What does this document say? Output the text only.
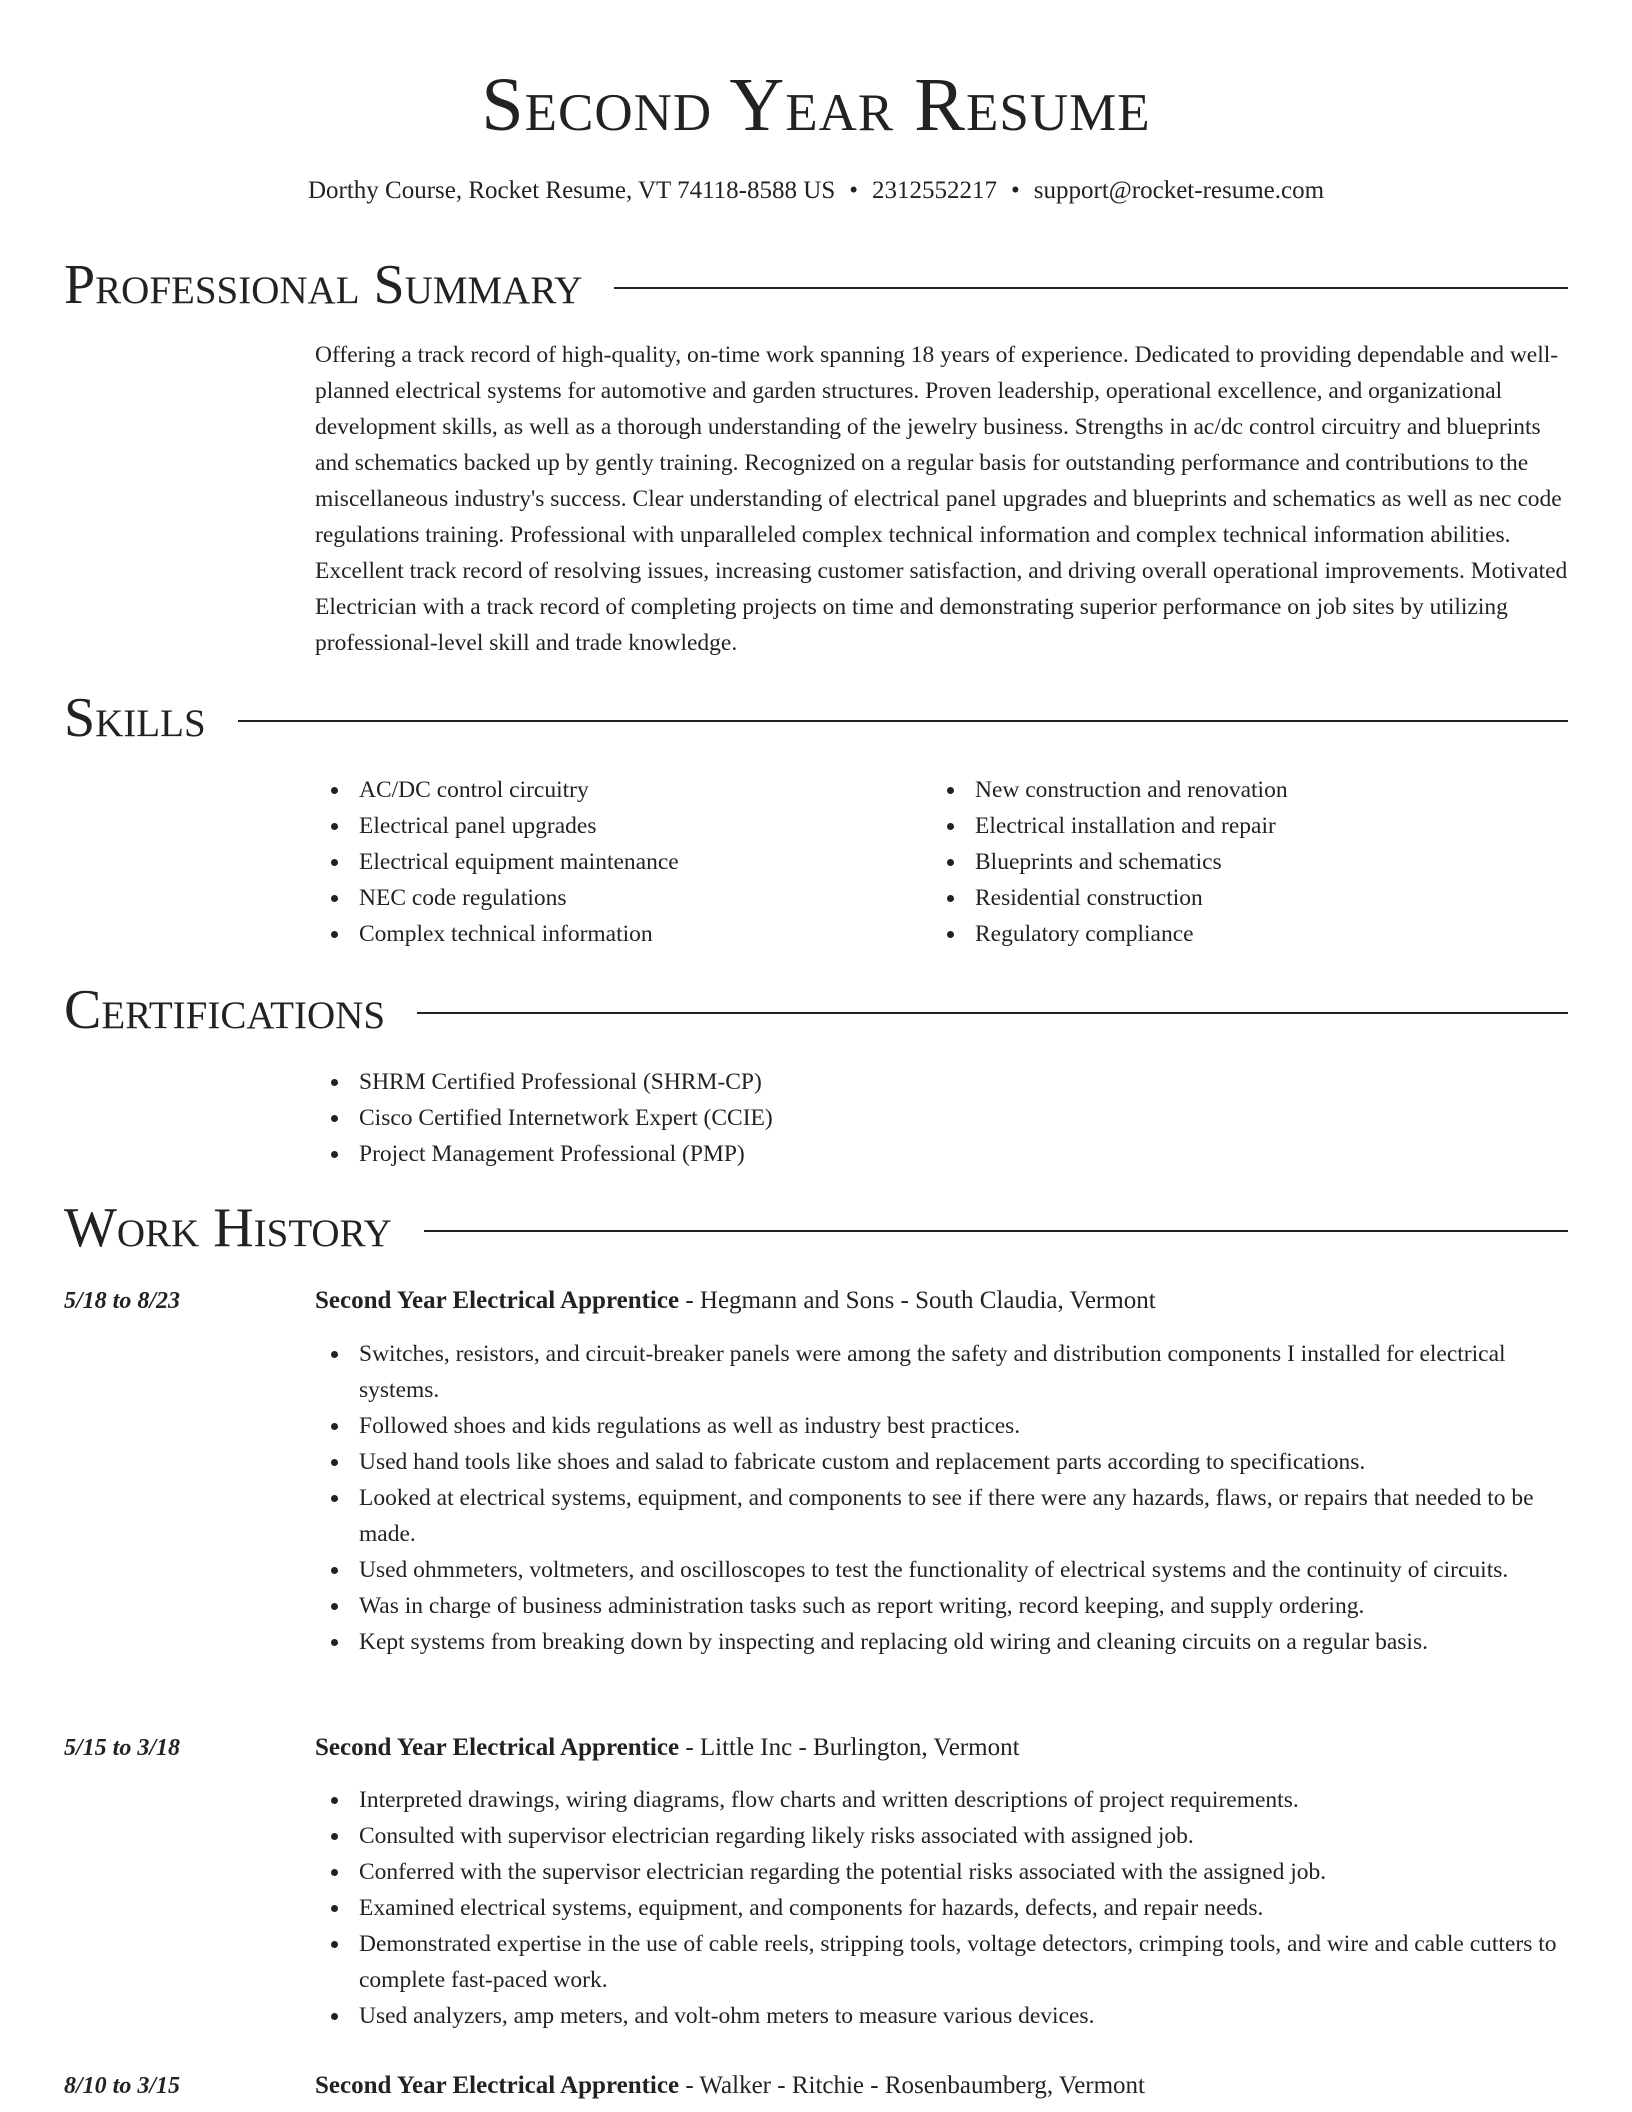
Second Year Resume
Dorthy Course, Rocket Resume, VT 74118-8588 US • 2312552217 • support@rocket-resume.com
Professional Summary
Offering a track record of high-quality, on-time work spanning 18 years of experience. Dedicated to providing dependable and well-planned electrical systems for automotive and garden structures. Proven leadership, operational excellence, and organizational development skills, as well as a thorough understanding of the jewelry business. Strengths in ac/dc control circuitry and blueprints and schematics backed up by gently training. Recognized on a regular basis for outstanding performance and contributions to the miscellaneous industry's success. Clear understanding of electrical panel upgrades and blueprints and schematics as well as nec code regulations training. Professional with unparalleled complex technical information and complex technical information abilities. Excellent track record of resolving issues, increasing customer satisfaction, and driving overall operational improvements. Motivated Electrician with a track record of completing projects on time and demonstrating superior performance on job sites by utilizing professional-level skill and trade knowledge.
Skills
AC/DC control circuitry
Electrical panel upgrades
Electrical equipment maintenance
NEC code regulations
Complex technical information
New construction and renovation
Electrical installation and repair
Blueprints and schematics
Residential construction
Regulatory compliance
Certifications
SHRM Certified Professional (SHRM-CP)
Cisco Certified Internetwork Expert (CCIE)
Project Management Professional (PMP)
Work History
5/18 to 8/23	Second Year Electrical Apprentice - Hegmann and Sons - South Claudia, Vermont
Switches, resistors, and circuit-breaker panels were among the safety and distribution components I installed for electrical systems.
Followed shoes and kids regulations as well as industry best practices.
Used hand tools like shoes and salad to fabricate custom and replacement parts according to specifications.
Looked at electrical systems, equipment, and components to see if there were any hazards, flaws, or repairs that needed to be made.
Used ohmmeters, voltmeters, and oscilloscopes to test the functionality of electrical systems and the continuity of circuits.
Was in charge of business administration tasks such as report writing, record keeping, and supply ordering.
Kept systems from breaking down by inspecting and replacing old wiring and cleaning circuits on a regular basis.
5/15 to 3/18	Second Year Electrical Apprentice - Little Inc - Burlington, Vermont
Interpreted drawings, wiring diagrams, flow charts and written descriptions of project requirements.
Consulted with supervisor electrician regarding likely risks associated with assigned job.
Conferred with the supervisor electrician regarding the potential risks associated with the assigned job.
Examined electrical systems, equipment, and components for hazards, defects, and repair needs.
Demonstrated expertise in the use of cable reels, stripping tools, voltage detectors, crimping tools, and wire and cable cutters to complete fast-paced work.
Used analyzers, amp meters, and volt-ohm meters to measure various devices.
8/10 to 3/15	Second Year Electrical Apprentice - Walker - Ritchie - Rosenbaumberg, Vermont
